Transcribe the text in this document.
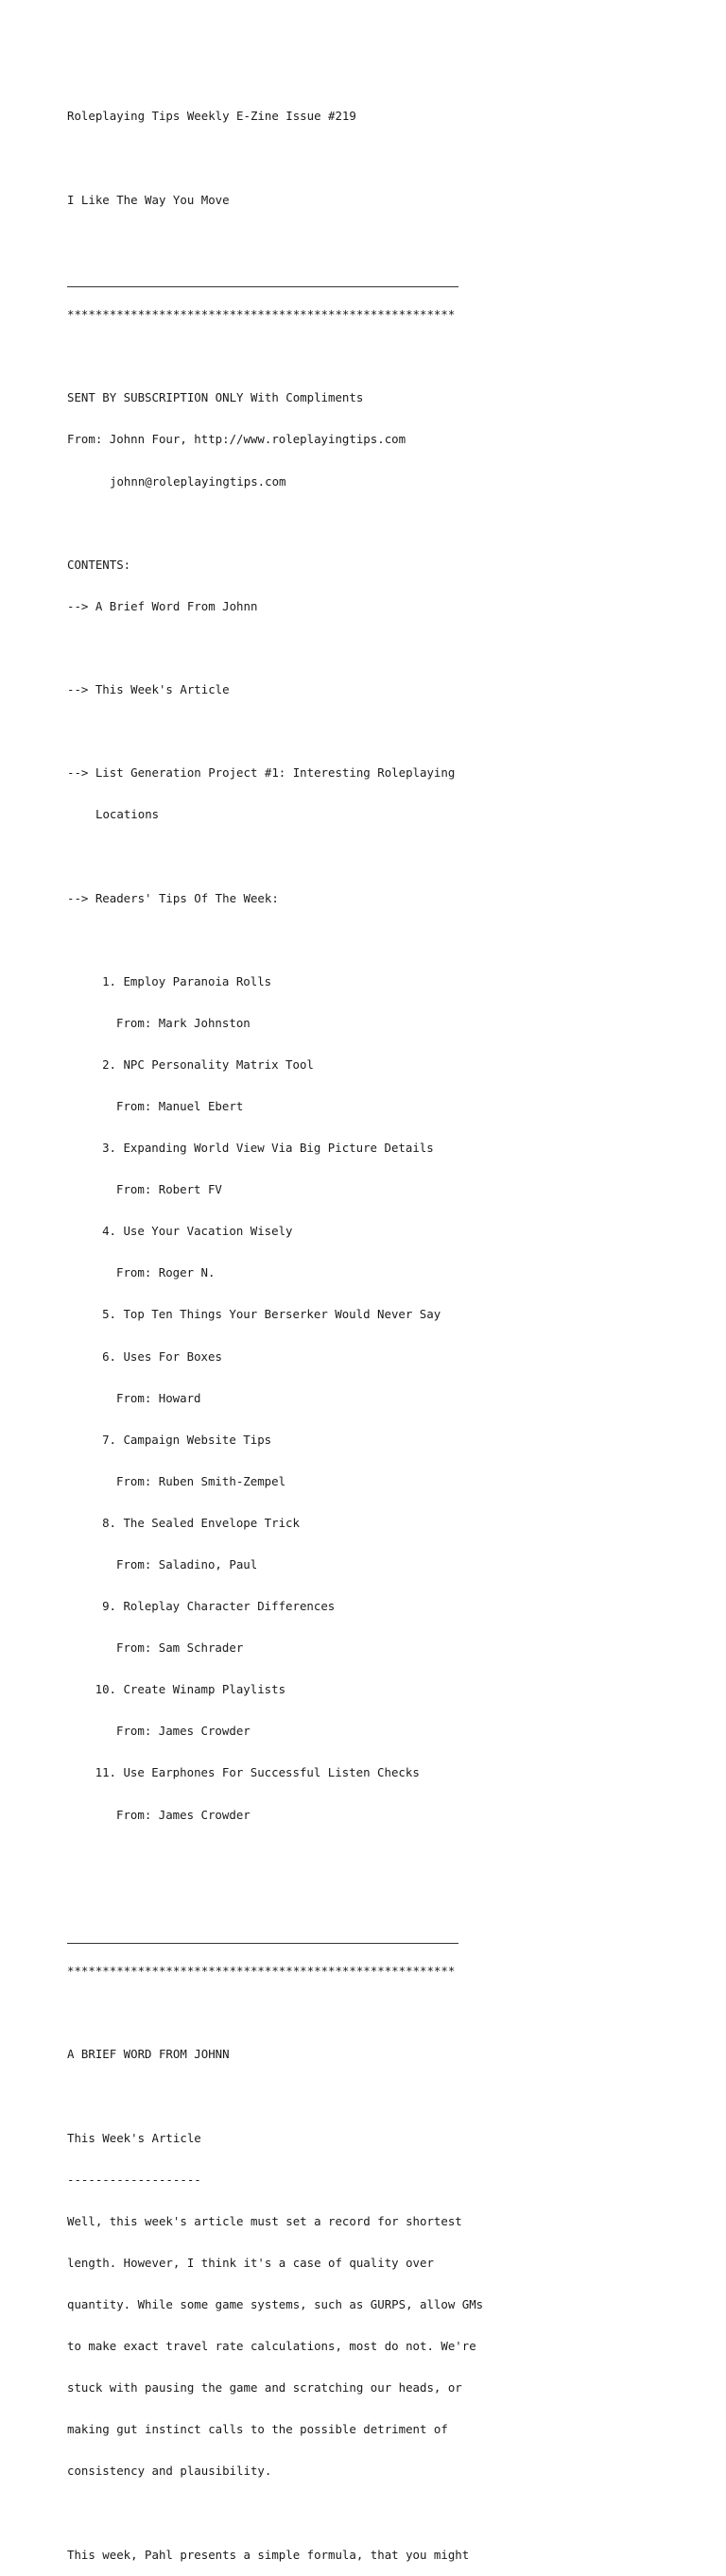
Roleplaying Tips Weekly E-Zine Issue #219

I Like The Way You Move

*******************************************************

SENT BY SUBSCRIPTION ONLY With Compliments

From: Johnn Four, http://www.roleplayingtips.com

johnn@roleplayingtips.com

CONTENTS:

--> A Brief Word From Johnn

--> This Week's Article

--> List Generation Project #1: Interesting Roleplaying

Locations

--> Readers' Tips Of The Week:

1. Employ Paranoia Rolls

From: Mark Johnston

2. NPC Personality Matrix Tool

From: Manuel Ebert

3. Expanding World View Via Big Picture Details

From: Robert FV

4. Use Your Vacation Wisely

From: Roger N.

5. Top Ten Things Your Berserker Would Never Say

6. Uses For Boxes

From: Howard

7. Campaign Website Tips

From: Ruben Smith-Zempel

8. The Sealed Envelope Trick

From: Saladino, Paul

9. Roleplay Character Differences

From: Sam Schrader

10. Create Winamp Playlists

From: James Crowder

11. Use Earphones For Successful Listen Checks

From: James Crowder

*******************************************************

A BRIEF WORD FROM JOHNN

This Week's Article

-------------------

Well, this week's article must set a record for shortest

length. However, I think it's a case of quality over

quantity. While some game systems, such as GURPS, allow GMs

to make exact travel rate calculations, most do not. We're

stuck with pausing the game and scratching our heads, or

making gut instinct calls to the possible detriment of

consistency and plausibility.

This week, Pahl presents a simple formula, that you might
